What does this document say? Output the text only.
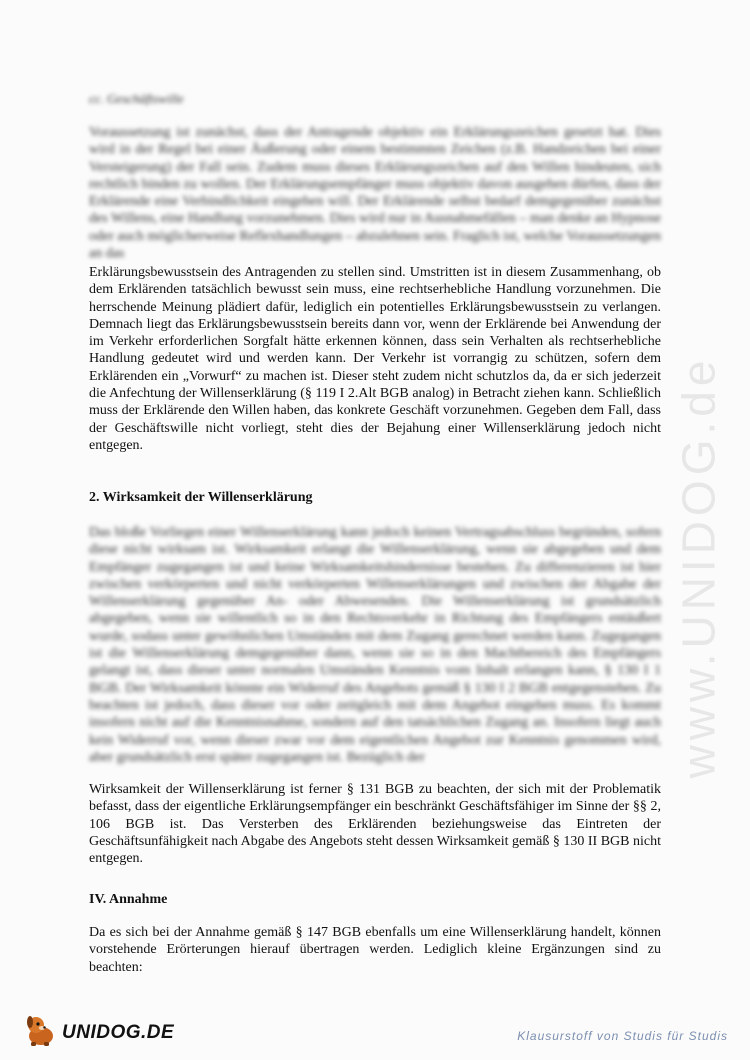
www.UNIDOG.de

cc. Geschäftswille

Voraussetzung ist zunächst, dass der Antragende objektiv ein Erklärungszeichen gesetzt hat. Dies wird in der Regel bei einer Äußerung oder einem bestimmten Zeichen (z.B. Handzeichen bei einer Versteigerung) der Fall sein. Zudem muss dieses Erklärungszeichen auf den Willen hindeuten, sich rechtlich binden zu wollen. Der Erklärungsempfänger muss objektiv davon ausgehen dürfen, dass der Erklärende eine Verbindlichkeit eingehen will. Der Erklärende selbst bedarf demgegenüber zunächst des Willens, eine Handlung vorzunehmen. Dies wird nur in Ausnahmefällen – man denke an Hypnose oder auch möglicherweise Reflexhandlungen – abzulehnen sein. Fraglich ist, welche Voraussetzungen an das

Erklärungsbewusstsein des Antragenden zu stellen sind. Umstritten ist in diesem Zusammenhang, ob dem Erklärenden tatsächlich bewusst sein muss, eine rechtserhebliche Handlung vorzunehmen. Die herrschende Meinung plädiert dafür, lediglich ein potentielles Erklärungsbewusstsein zu verlangen. Demnach liegt das Erklärungsbewusstsein bereits dann vor, wenn der Erklärende bei Anwendung der im Verkehr erforderlichen Sorgfalt hätte erkennen können, dass sein Verhalten als rechtserhebliche Handlung gedeutet wird und werden kann. Der Verkehr ist vorrangig zu schützen, sofern dem Erklärenden ein „Vorwurf“ zu machen ist. Dieser steht zudem nicht schutzlos da, da er sich jederzeit die Anfechtung der Willenserklärung (§ 119 I 2.Alt BGB analog) in Betracht ziehen kann. Schließlich muss der Erklärende den Willen haben, das konkrete Geschäft vorzunehmen. Gegeben dem Fall, dass der Geschäftswille nicht vorliegt, steht dies der Bejahung einer Willenserklärung jedoch nicht entgegen.

2. Wirksamkeit der Willenserklärung

Das bloße Vorliegen einer Willenserklärung kann jedoch keinen Vertragsabschluss begründen, sofern diese nicht wirksam ist. Wirksamkeit erlangt die Willenserklärung, wenn sie abgegeben und dem Empfänger zugegangen ist und keine Wirksamkeitshindernisse bestehen. Zu differenzieren ist hier zwischen verkörperten und nicht verkörperten Willenserklärungen und zwischen der Abgabe der Willenserklärung gegenüber An- oder Abwesenden. Die Willenserklärung ist grundsätzlich abgegeben, wenn sie willentlich so in den Rechtsverkehr in Richtung des Empfängers entäußert wurde, sodass unter gewöhnlichen Umständen mit dem Zugang gerechnet werden kann. Zugegangen ist die Willenserklärung demgegenüber dann, wenn sie so in den Machtbereich des Empfängers gelangt ist, dass dieser unter normalen Umständen Kenntnis vom Inhalt erlangen kann, § 130 I 1 BGB. Der Wirksamkeit könnte ein Widerruf des Angebots gemäß § 130 I 2 BGB entgegenstehen. Zu beachten ist jedoch, dass dieser vor oder zeitgleich mit dem Angebot eingehen muss. Es kommt insofern nicht auf die Kenntnisnahme, sondern auf den tatsächlichen Zugang an. Insofern liegt auch kein Widerruf vor, wenn dieser zwar vor dem eigentlichen Angebot zur Kenntnis genommen wird, aber grundsätzlich erst später zugegangen ist. Bezüglich der

Wirksamkeit der Willenserklärung ist ferner § 131 BGB zu beachten, der sich mit der Problematik befasst, dass der eigentliche Erklärungsempfänger ein beschränkt Geschäftsfähiger im Sinne der §§ 2, 106 BGB ist. Das Versterben des Erklärenden beziehungsweise das Eintreten der Geschäftsunfähigkeit nach Abgabe des Angebots steht dessen Wirksamkeit gemäß § 130 II BGB nicht entgegen.

IV. Annahme

Da es sich bei der Annahme gemäß § 147 BGB ebenfalls um eine Willenserklärung handelt, können vorstehende Erörterungen hierauf übertragen werden. Lediglich kleine Ergänzungen sind zu beachten:

UNIDOG.DE	Klausurstoff von Studis für Studis
